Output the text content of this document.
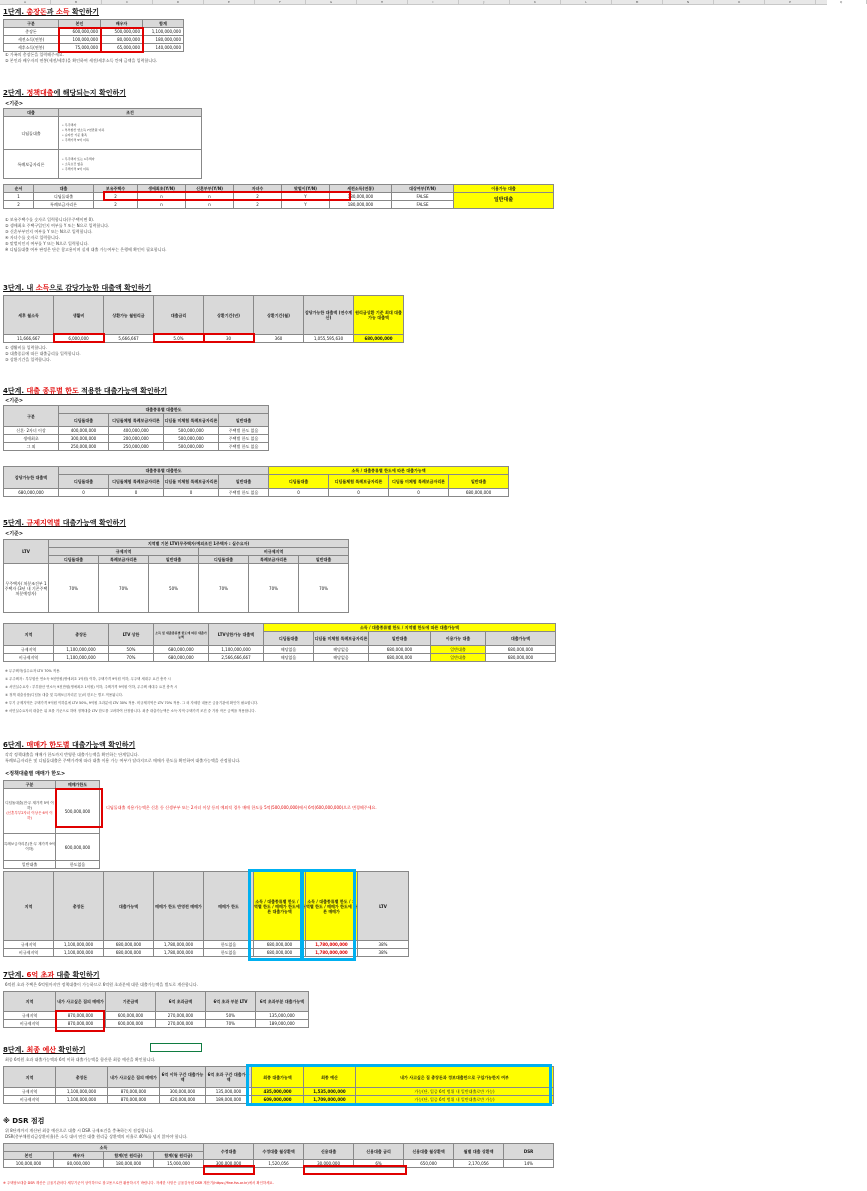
A	B	C	D	E	F	G	H	I	J	K	L	M	N	O	P	Q
1단계. 총장돈과 소득 확인하기
구분	본인	배우자	합계
총장돈	600,000,000	500,000,000	1,100,000,000
세전소득(연봉)	100,000,000	80,000,000	180,000,000
세후소득(연봉)	75,000,000	65,000,000	140,000,000
① 가족의 총장돈을 입력해주세요.
② 본인과 배우자의 연봉(세전/세후)을 확인하여 세전/세후소득 칸에 금액을 입력합니다.
2단계. 정책대출에 해당되는지 확인하기
<기준>
대출	조건
디딤돌대출	• 무주택자
• 부부합산 연소득 7천만원 이하
• 순자산 기준 충족
• 주택가격 5억 이하

특례보금자리론	• 무주택자 또는 1주택자
• 소득요건 없음
• 주택가격 9억 이하
순서	대출	보유주택수	생애최초(Y/N)	신혼부부(Y/N)	자녀수	맞벌이(Y/N)	세전소득(연봉)	대상여부(Y/N)	이용가능 대출
1	디딤돌대출	2	n	n	2	Y	180,000,000	FALSE	일반대출
2	특례보금자리론	2	n	n	2	Y	180,000,000	FALSE	
① 보유주택수를 숫자로 입력합니다(무주택이면 0).
② 생애최초 주택구입인지 여부를 Y 또는 N으로 입력합니다.
③ 신혼부부인지 여부를 Y 또는 N으로 입력합니다.
④ 자녀수를 숫자로 입력합니다.
⑤ 맞벌이인지 여부를 Y 또는 N으로 입력합니다.
※ 디딤돌대출 여부 판정은 단순 참고용이며 실제 대출 가능여부는 은행에 확인이 필요합니다.
3단계. 내 소득으로 감당가능한 대출액 확인하기
세후 월소득	생활비	상환가능 월원리금	대출금리	상환기간(년)	상환기간(월)	감당가능한 대출액 (연수계산)	원리금상환 기준 최대 대출가능 대출액
11,666,667	6,000,000	5,666,667	5.0%	30	360	1,055,595,630	680,000,000
① 생활비를 입력합니다.
② 대출종류에 따른 대출금리를 입력합니다.
③ 상환기간을 입력합니다.
4단계. 대출 종류별 한도 적용한 대출가능액 확인하기
<기준>
구분	대출종류별 대출한도			
	디딤돌대출	디딤돌체험 특례보금자리론	디딤돌 미체험 특례보금자리론	일반대출
신혼· 2자녀 이상	400,000,000	400,000,000	500,000,000	주택별 한도 없음
생애최초	300,000,000	200,000,000	500,000,000	주택별 한도 없음
그 외	250,000,000	250,000,000	500,000,000	주택별 한도 없음
감당가능한 대출액	대출종류별 대출한도				소득 / 대출종류별 한도에 따른 대출가능액			
	디딤돌대출	디딤돌체험 특례보금자리론	디딤돌 미체험 특례보금자리론	일반대출	디딤돌대출	디딤돌체험 특례보금자리론	디딤돌 미체험 특례보금자리론	일반대출
680,000,000	0	0	0	주택별 한도 없음	0	0	0	680,000,000
5단계. 규제지역별 대출가능액 확인하기
<기준>
LTV	지역별 기본 LTV(무주택자/예외조건 1주택자 : 실수요자)					
	규제지역			비규제지역		
	디딤돌대출	특례보금자리론	일반대출	디딤돌대출	특례보금자리론	일반대출
무주택자/ 처분조건부 1주택자 (3년 내 기존주택 처분예정자)	70%	70%	50%	70%	70%	70%
지역	총장돈	LTV 상한	소득 및 대출종류별 한도에 따른 대출가능액	LTV상한가능 대출액	소득 / 대출종류별 한도 / 지역별 한도에 따른 대출가능액				
					디딤돌대출	디딤돌 미체험 특례보금자리론	일반대출	이용가능 대출	대출가능액
규제지역	1,100,000,000	50%	680,000,000	1,100,000,000	해당없음	해당없음	680,000,000	일반대출	680,000,000
비규제지역	1,100,000,000	70%	680,000,000	2,566,666,667	해당없음	해당없음	680,000,000	일반대출	680,000,000
※ 무주택자/실수요자 LTV 70% 적용.
① 무주택자 : 부부합산 연소득 9천만원(생애최초 1억원) 이하, 주택가격 9억원 이하, 무주택 세대주 요건 충족 시
② 서민실수요자 : 부부합산 연소득 9천만원(생애최초 1억원) 이하, 주택가격 9억원 이하, 무주택 세대주 요건 충족 시
③ 정책 대출상품(디딤돌 대출 및 특례보금자리론 등)의 한도는 별도 적용됩니다.
※ 투기 규제지역은 주택가격 9억원 이하분에 LTV 50%, 9억원 초과분에 LTV 30% 적용. 비규제지역은 LTV 70% 적용. 그 외 자세한 내용은 금융기관에 확인이 필요합니다.
※ 서민실수요자의 대출은 위 표를 기준으로 하며 정책대출 LTV 한도를 고려하여 산정합니다. 최종 대출가능액은 소득·지역·주택가격 조건 중 가장 작은 금액을 적용합니다.
6단계. 매매가 한도별 대출가능액 확인하기
각각 정책대출을 매매가 한도까지 반영한 대출가능액을 확인하는 단계입니다.
특례보금자리론 및 디딤돌대출은 주택가격에 따라 대출 이용 가능 여부가 달라지므로 매매가 한도를 확인하여 대출가능액을 산정합니다.
<정책대출별 매매가 한도>
구분	매매가한도
디딤돌대출(전·무 재가격 5억 이하)
(신혼부부2자녀 이상은 6억 이하)	500,000,000
특례보금자리론(전·무 재가격 9억 이하)	600,000,000
일반대출	한도없음
디딤돌대출 적용가능액은 신혼 등 신생부부 또는 2자녀 이상 등의 예외적 경우 매매 한도를 5억(500,000,000)에서 6억(600,000,000)으로 변경해주세요.
지역	총장돈	대출가능액	매매가 한도 반영전 매매가	매매가 한도	소득 / 대출종류별 한도 / 지역별 한도 / 매매가 한도에 따른 대출가능액	소득 / 대출종류별 한도 / 지역별 한도 / 매매가 한도에 따른 매매가	LTV
규제지역	1,100,000,000	680,000,000	1,780,000,000	한도없음	680,000,000	1,780,000,000	38%
비규제지역	1,100,000,000	680,000,000	1,780,000,000	한도없음	680,000,000	1,780,000,000	38%
7단계. 6억 초과 대출 확인하기
6억원 초과 주택은 6억원까지만 정책대출이 가능하므로 6억원 초과분에 대한 대출가능액을 별도로 계산합니다.
지역	내가 사고싶은 집의 매매가	기준금액	6억 초과금액	6억 초과 부분 LTV	6억 초과부분 대출가능액
규제지역	870,000,000	600,000,000	270,000,000	50%	135,000,000
비규제지역	870,000,000	600,000,000	270,000,000	70%	189,000,000
8단계. 최종 예산 확인하기
최종 6억원 초과 대출가능액과 6억 이하 대출가능액을 합산한 최종 예산을 확인합니다.
지역	총장돈	내가 사고싶은 집의 매매가	6억 이하 구간 대출가능액	6억 초과 구간 대출가능액	최종 대출가능액	최종 예산	내가 사고싶은 집 총장돈과 정보대출만으로 구입가능한지 여부
규제지역	1,100,000,000	870,000,000	300,000,000	135,000,000	435,000,000	1,535,000,000	가능(단, 입증 6억 범위 내 일반대출로만 가능)
비규제지역	1,100,000,000	870,000,000	420,000,000	189,000,000	609,000,000	1,709,000,000	가능(단, 입증 6억 범위 내 일반대출로만 가능)
※ DSR 점검
위 8단계까지 계산된 최종 예산으로 대출 시 DSR 규제조건을 충족하는지 점검합니다.
DSR(총부채원리금상환비율)은 소득 대비 연간 대출 원리금 상환액의 비율로 40%를 넘지 않아야 합니다.
소득				수정대출	수정대출 월상환액	신용대출	신용대출 금리	신용대출 월상환액	월별 대출 상환액	DSR
본인	배우자	합계(연 원리금)	합계(월 원리금)							
100,000,000	80,000,000	180,000,000	15,000,000	300,000,000	1,520,056	30,000,000	6%	650,000	2,170,056	14%
※ 주택담보대출 DSR 계산은 금융기관마다 세부기준이 상이하므로 참고용으로만 활용하시기 바랍니다. 자세한 사항은 금융감독원 DSR 계산기(https://fine.fss.or.kr)에서 확인하세요.
